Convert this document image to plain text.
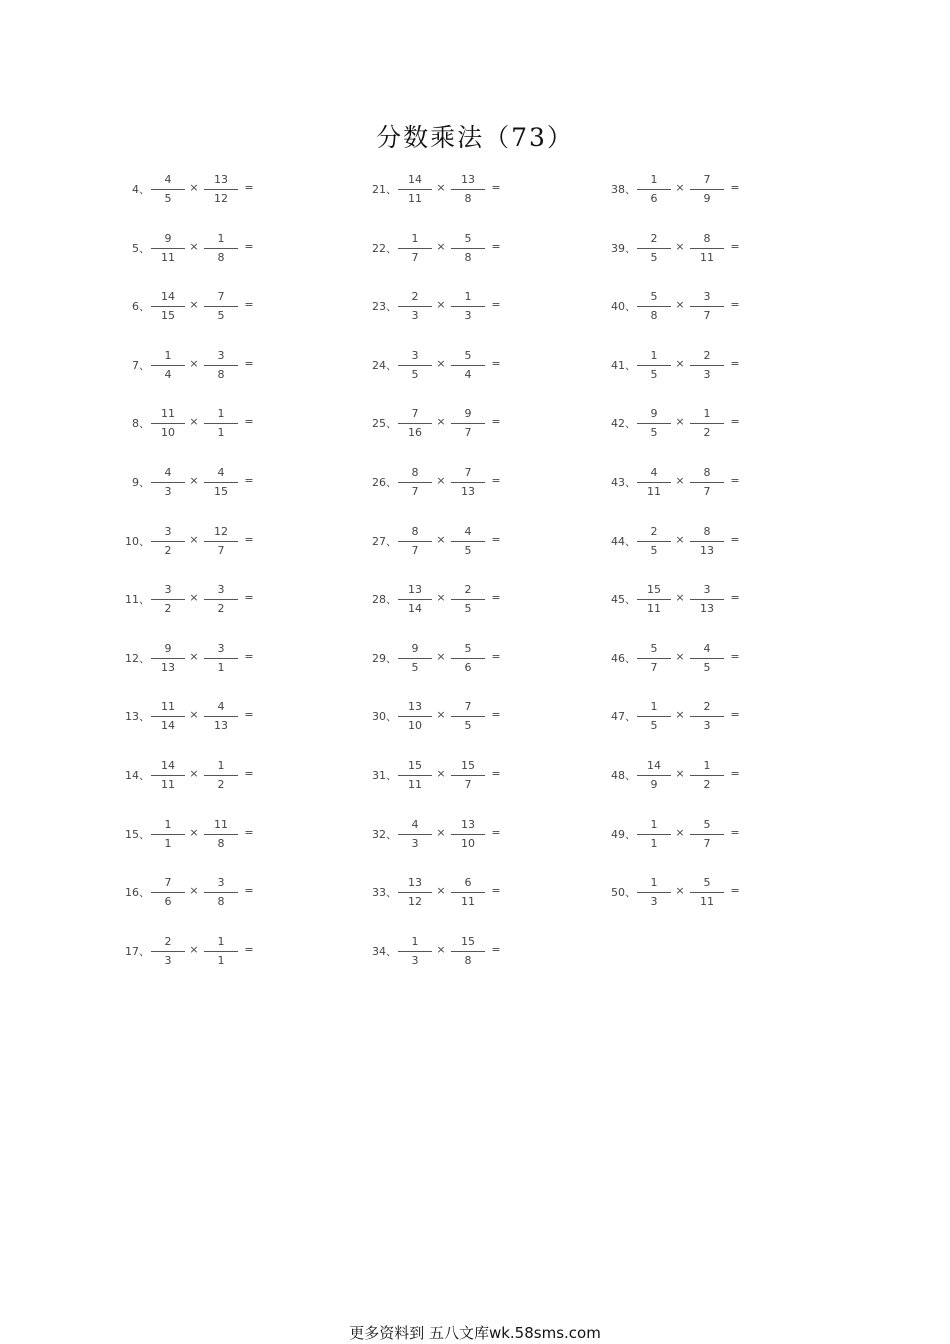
分数乘法（73）
4、
4
5
×
13
12
=
5、
9
11
×
1
8
=
6、
14
15
×
7
5
=
7、
1
4
×
3
8
=
8、
11
10
×
1
1
=
9、
4
3
×
4
15
=
10、
3
2
×
12
7
=
11、
3
2
×
3
2
=
12、
9
13
×
3
1
=
13、
11
14
×
4
13
=
14、
14
11
×
1
2
=
15、
1
1
×
11
8
=
16、
7
6
×
3
8
=
17、
2
3
×
1
1
=
21、
14
11
×
13
8
=
22、
1
7
×
5
8
=
23、
2
3
×
1
3
=
24、
3
5
×
5
4
=
25、
7
16
×
9
7
=
26、
8
7
×
7
13
=
27、
8
7
×
4
5
=
28、
13
14
×
2
5
=
29、
9
5
×
5
6
=
30、
13
10
×
7
5
=
31、
15
11
×
15
7
=
32、
4
3
×
13
10
=
33、
13
12
×
6
11
=
34、
1
3
×
15
8
=
38、
1
6
×
7
9
=
39、
2
5
×
8
11
=
40、
5
8
×
3
7
=
41、
1
5
×
2
3
=
42、
9
5
×
1
2
=
43、
4
11
×
8
7
=
44、
2
5
×
8
13
=
45、
15
11
×
3
13
=
46、
5
7
×
4
5
=
47、
1
5
×
2
3
=
48、
14
9
×
1
2
=
49、
1
1
×
5
7
=
50、
1
3
×
5
11
=
更多资料到 五八文库wk.58sms.com
